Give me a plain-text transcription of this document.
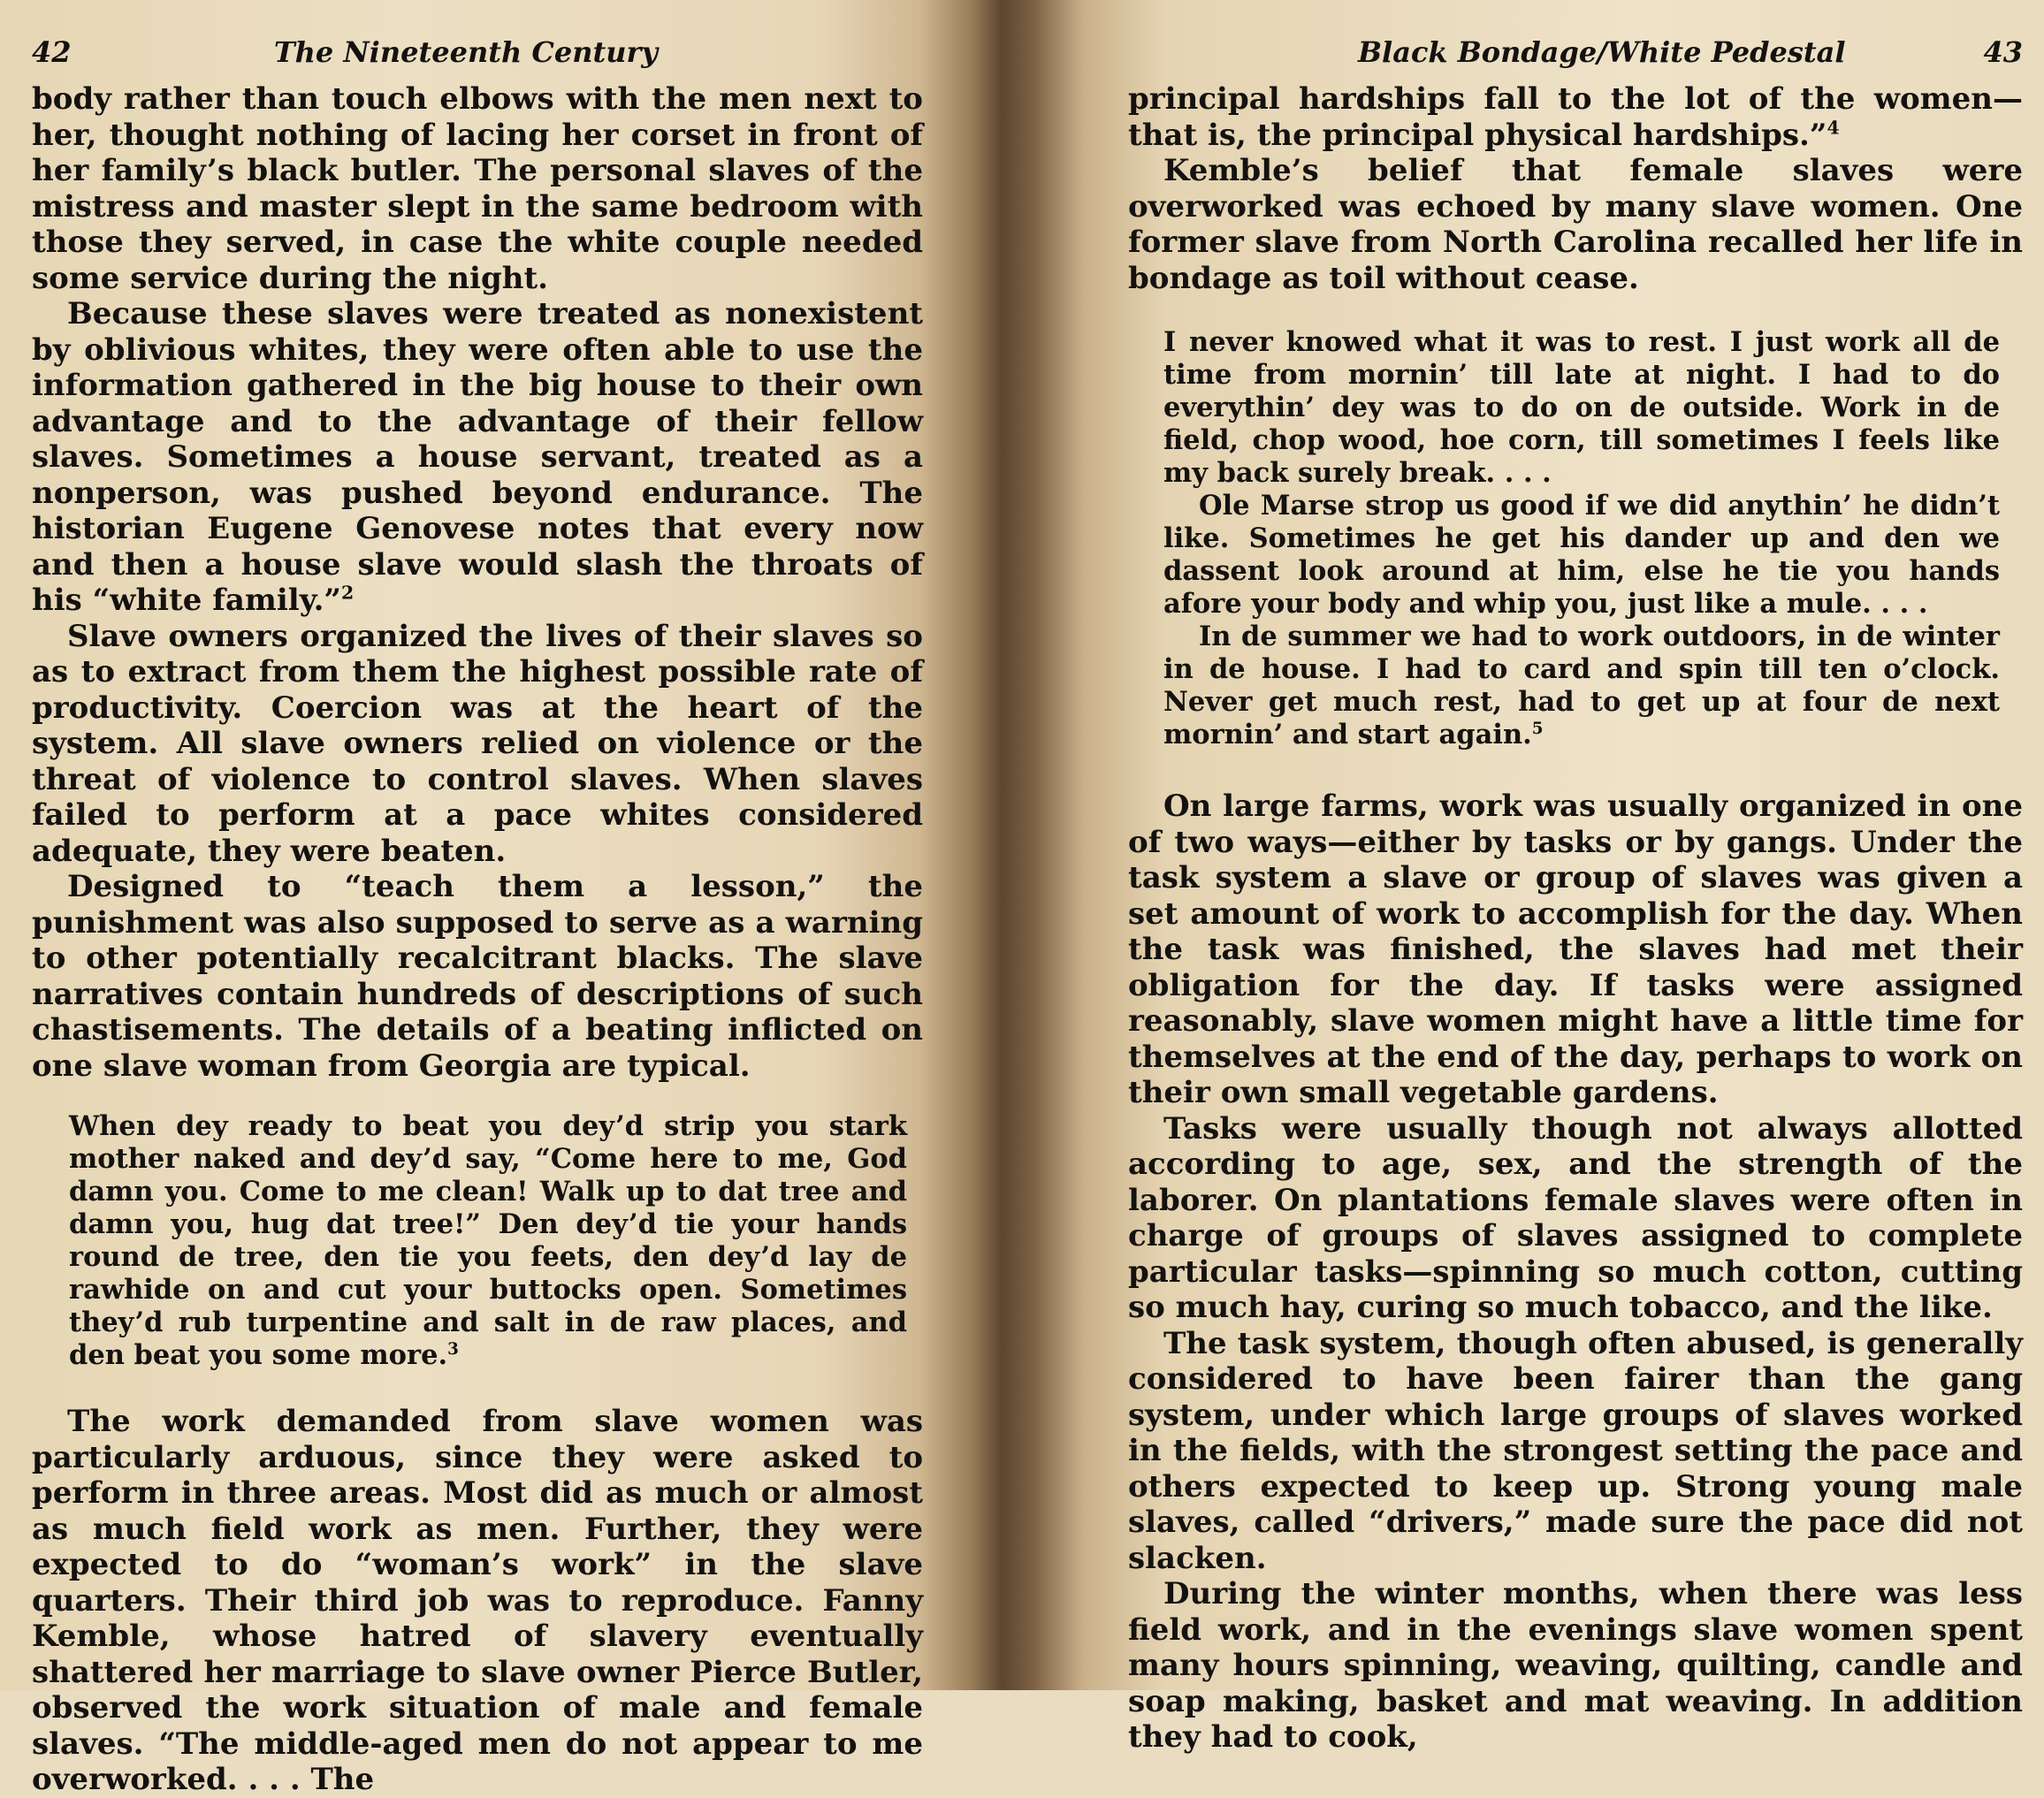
42	The Nineteenth Century

body rather than touch elbows with the men next to her, thought nothing of lacing her corset in front of her family’s black butler. The personal slaves of the mistress and master slept in the same bedroom with those they served, in case the white couple needed some service during the night.

Because these slaves were treated as nonexistent by oblivious whites, they were often able to use the information gathered in the big house to their own advantage and to the advantage of their fellow slaves. Sometimes a house servant, treated as a nonperson, was pushed beyond endurance. The historian Eugene Genovese notes that every now and then a house slave would slash the throats of his “white family.”$^2$

Slave owners organized the lives of their slaves so as to extract from them the highest possible rate of productivity. Coercion was at the heart of the system. All slave owners relied on violence or the threat of violence to control slaves. When slaves failed to perform at a pace whites considered adequate, they were beaten.

Designed to “teach them a lesson,” the punishment was also supposed to serve as a warning to other potentially recalcitrant blacks. The slave narratives contain hundreds of descriptions of such chastisements. The details of a beating inflicted on one slave woman from Georgia are typical.

When dey ready to beat you dey’d strip you stark mother naked and dey’d say, “Come here to me, God damn you. Come to me clean! Walk up to dat tree and damn you, hug dat tree!” Den dey’d tie your hands round de tree, den tie you feets, den dey’d lay de rawhide on and cut your buttocks open. Sometimes they’d rub turpentine and salt in de raw places, and den beat you some more.$^3$

The work demanded from slave women was particularly arduous, since they were asked to perform in three areas. Most did as much or almost as much field work as men. Further, they were expected to do “woman’s work” in the slave quarters. Their third job was to reproduce. Fanny Kemble, whose hatred of slavery eventually shattered her marriage to slave owner Pierce Butler, observed the work situation of male and female slaves. “The middle-aged men do not appear to me overworked. . . . The

Black Bondage/White Pedestal	43

principal hardships fall to the lot of the women—that is, the principal physical hardships.”$^4$

Kemble’s belief that female slaves were overworked was echoed by many slave women. One former slave from North Carolina recalled her life in bondage as toil without cease.

I never knowed what it was to rest. I just work all de time from mornin’ till late at night. I had to do everythin’ dey was to do on de outside. Work in de field, chop wood, hoe corn, till sometimes I feels like my back surely break. . . .

Ole Marse strop us good if we did anythin’ he didn’t like. Sometimes he get his dander up and den we dassent look around at him, else he tie you hands afore your body and whip you, just like a mule. . . .

In de summer we had to work outdoors, in de winter in de house. I had to card and spin till ten o’clock. Never get much rest, had to get up at four de next mornin’ and start again.$^5$

On large farms, work was usually organized in one of two ways—either by tasks or by gangs. Under the task system a slave or group of slaves was given a set amount of work to accomplish for the day. When the task was finished, the slaves had met their obligation for the day. If tasks were assigned reasonably, slave women might have a little time for themselves at the end of the day, perhaps to work on their own small vegetable gardens.

Tasks were usually though not always allotted according to age, sex, and the strength of the laborer. On plantations female slaves were often in charge of groups of slaves assigned to complete particular tasks—spinning so much cotton, cutting so much hay, curing so much tobacco, and the like.

The task system, though often abused, is generally considered to have been fairer than the gang system, under which large groups of slaves worked in the fields, with the strongest setting the pace and others expected to keep up. Strong young male slaves, called “drivers,” made sure the pace did not slacken.

During the winter months, when there was less field work, and in the evenings slave women spent many hours spinning, weaving, quilting, candle and soap making, basket and mat weaving. In addition they had to cook,
